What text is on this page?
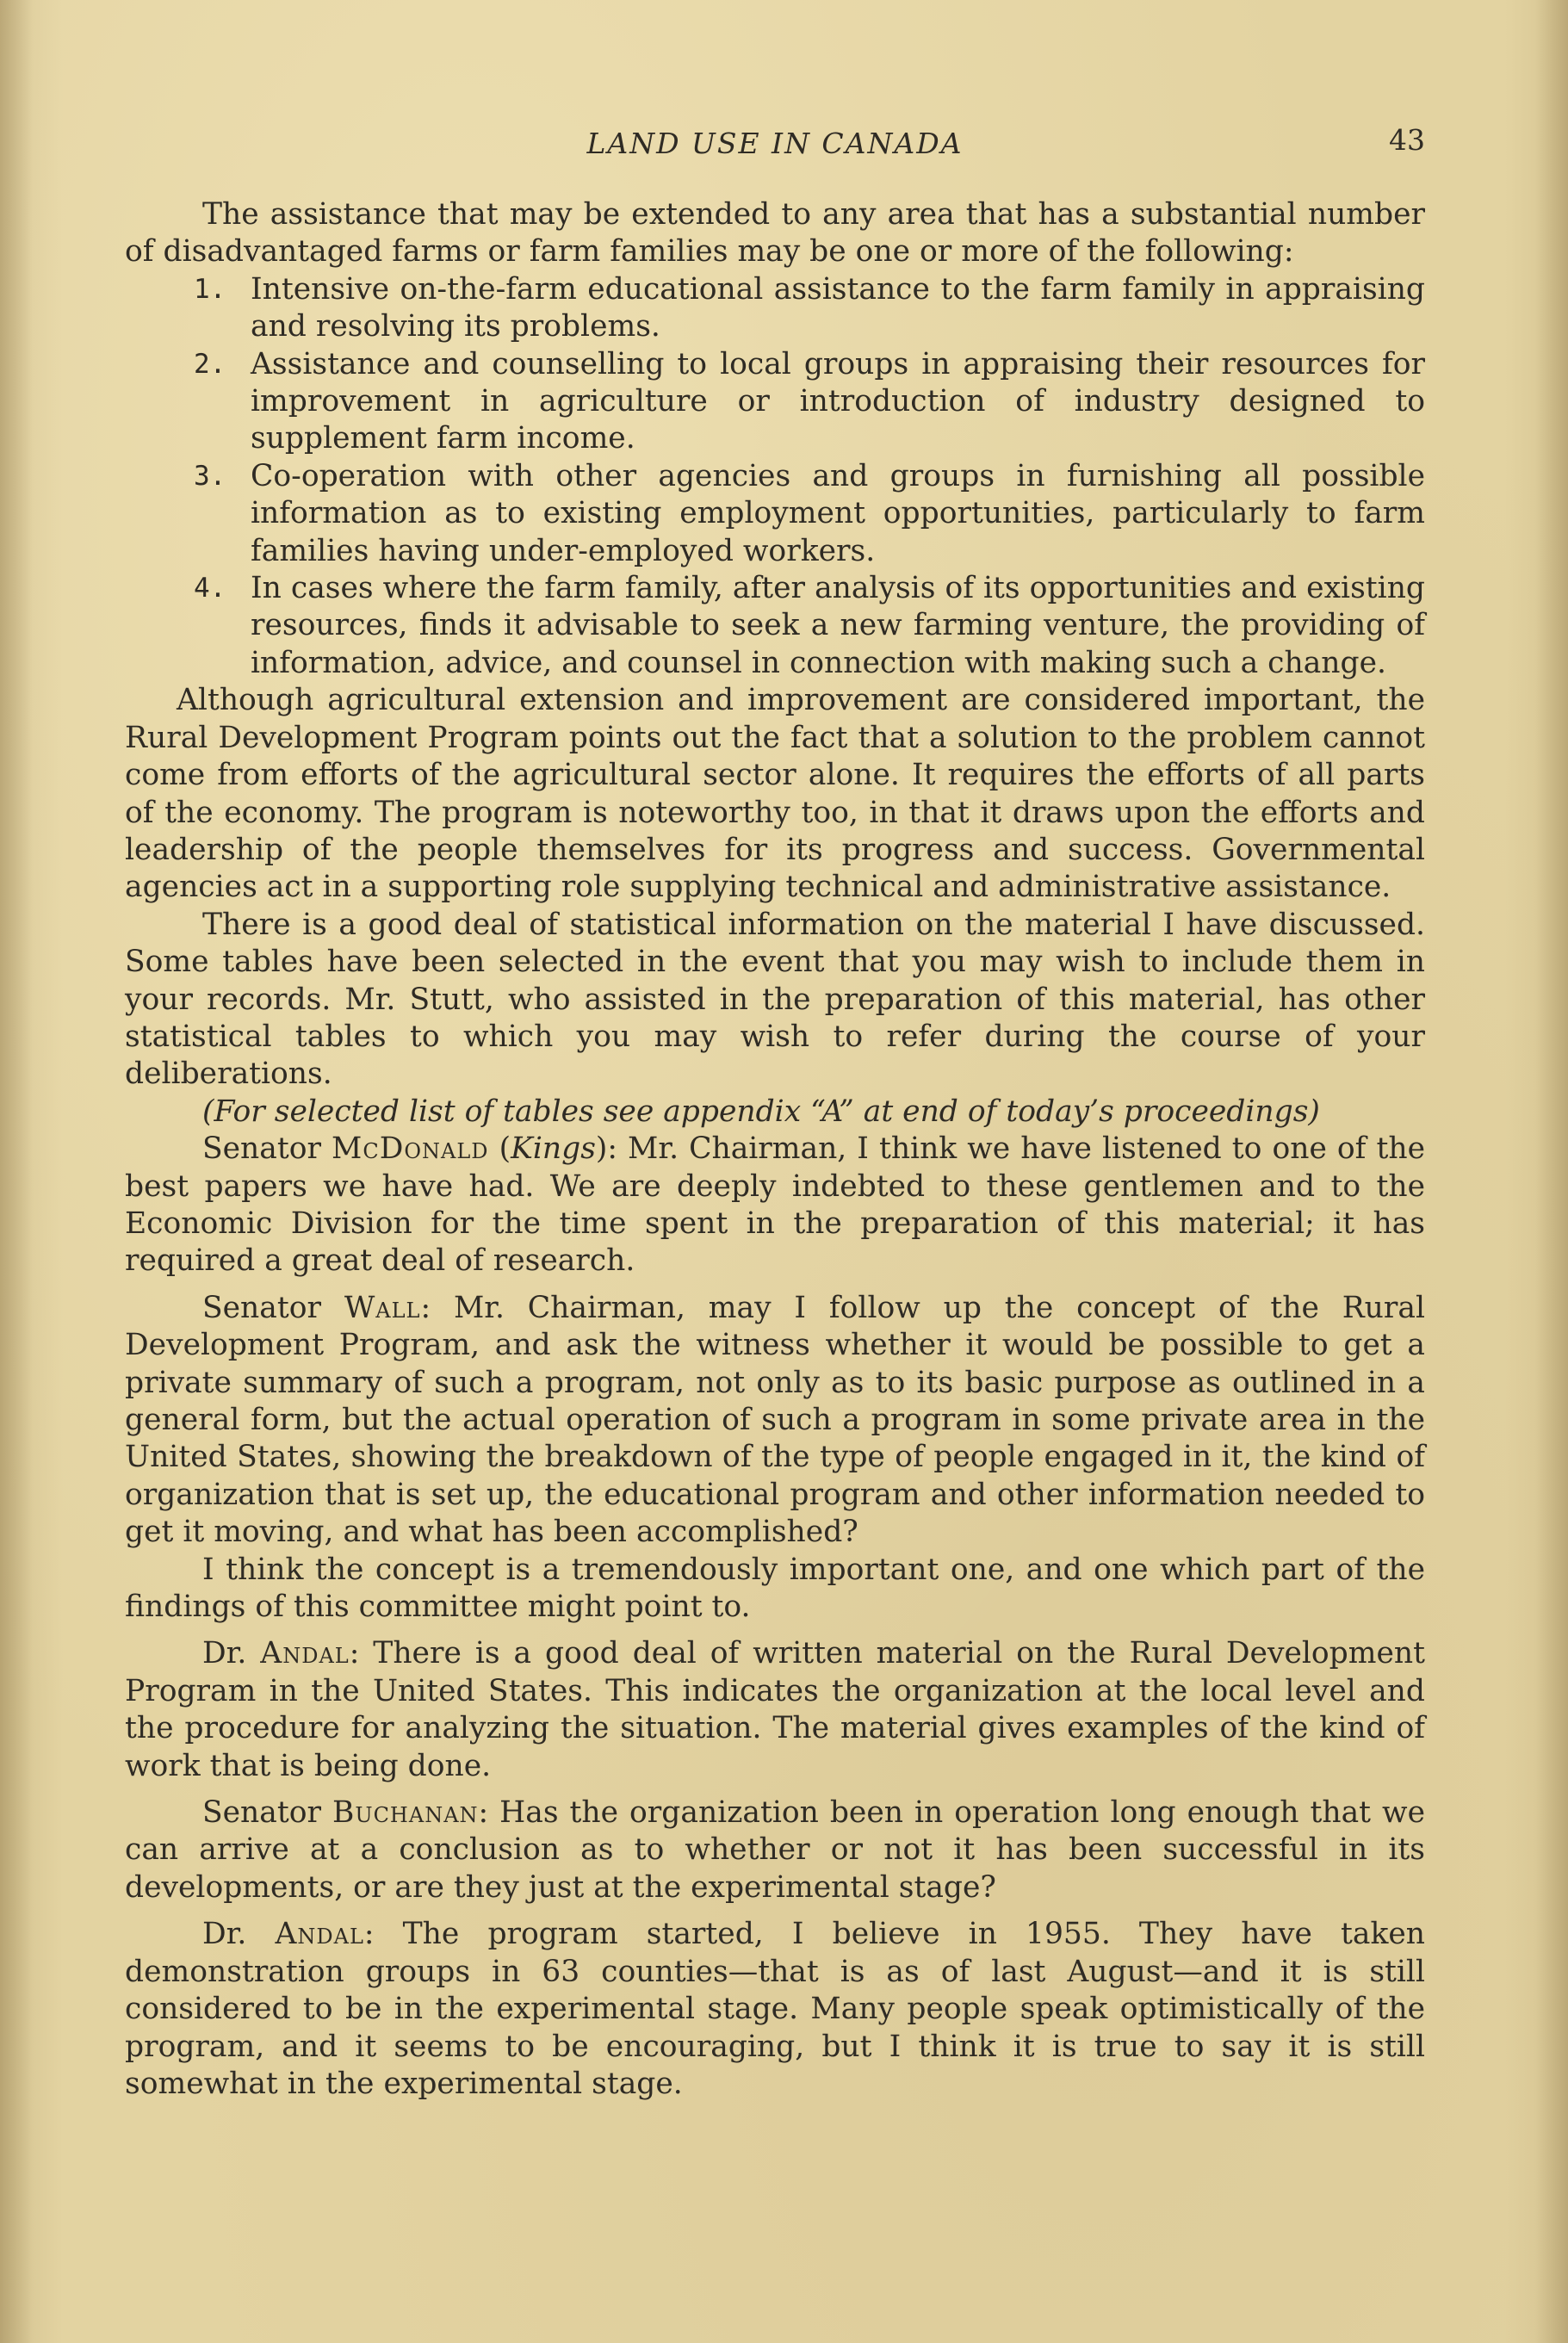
LAND USE IN CANADA	43

The assistance that may be extended to any area that has a substantial number of disadvantaged farms or farm families may be one or more of the following:

1. Intensive on-the-farm educational assistance to the farm family in appraising and resolving its problems.
2. Assistance and counselling to local groups in appraising their resources for improvement in agriculture or introduction of industry designed to supplement farm income.
3. Co-operation with other agencies and groups in furnishing all possible information as to existing employment opportunities, particularly to farm families having under-employed workers.
4. In cases where the farm family, after analysis of its opportunities and existing resources, finds it advisable to seek a new farming venture, the providing of information, advice, and counsel in connection with making such a change.

Although agricultural extension and improvement are considered important, the Rural Development Program points out the fact that a solution to the problem cannot come from efforts of the agricultural sector alone. It requires the efforts of all parts of the economy. The program is noteworthy too, in that it draws upon the efforts and leadership of the people themselves for its progress and success. Governmental agencies act in a supporting role supplying technical and administrative assistance.

There is a good deal of statistical information on the material I have discussed. Some tables have been selected in the event that you may wish to include them in your records. Mr. Stutt, who assisted in the preparation of this material, has other statistical tables to which you may wish to refer during the course of your deliberations.

(For selected list of tables see appendix “A” at end of today’s proceedings)

Senator McDonald (Kings): Mr. Chairman, I think we have listened to one of the best papers we have had. We are deeply indebted to these gentlemen and to the Economic Division for the time spent in the preparation of this material; it has required a great deal of research.

Senator Wall: Mr. Chairman, may I follow up the concept of the Rural Development Program, and ask the witness whether it would be possible to get a private summary of such a program, not only as to its basic purpose as outlined in a general form, but the actual operation of such a program in some private area in the United States, showing the breakdown of the type of people engaged in it, the kind of organization that is set up, the educational program and other information needed to get it moving, and what has been accomplished?

I think the concept is a tremendously important one, and one which part of the findings of this committee might point to.

Dr. Andal: There is a good deal of written material on the Rural Development Program in the United States. This indicates the organization at the local level and the procedure for analyzing the situation. The material gives examples of the kind of work that is being done.

Senator Buchanan: Has the organization been in operation long enough that we can arrive at a conclusion as to whether or not it has been successful in its developments, or are they just at the experimental stage?

Dr. Andal: The program started, I believe in 1955. They have taken demonstration groups in 63 counties—that is as of last August—and it is still considered to be in the experimental stage. Many people speak optimistically of the program, and it seems to be encouraging, but I think it is true to say it is still somewhat in the experimental stage.
